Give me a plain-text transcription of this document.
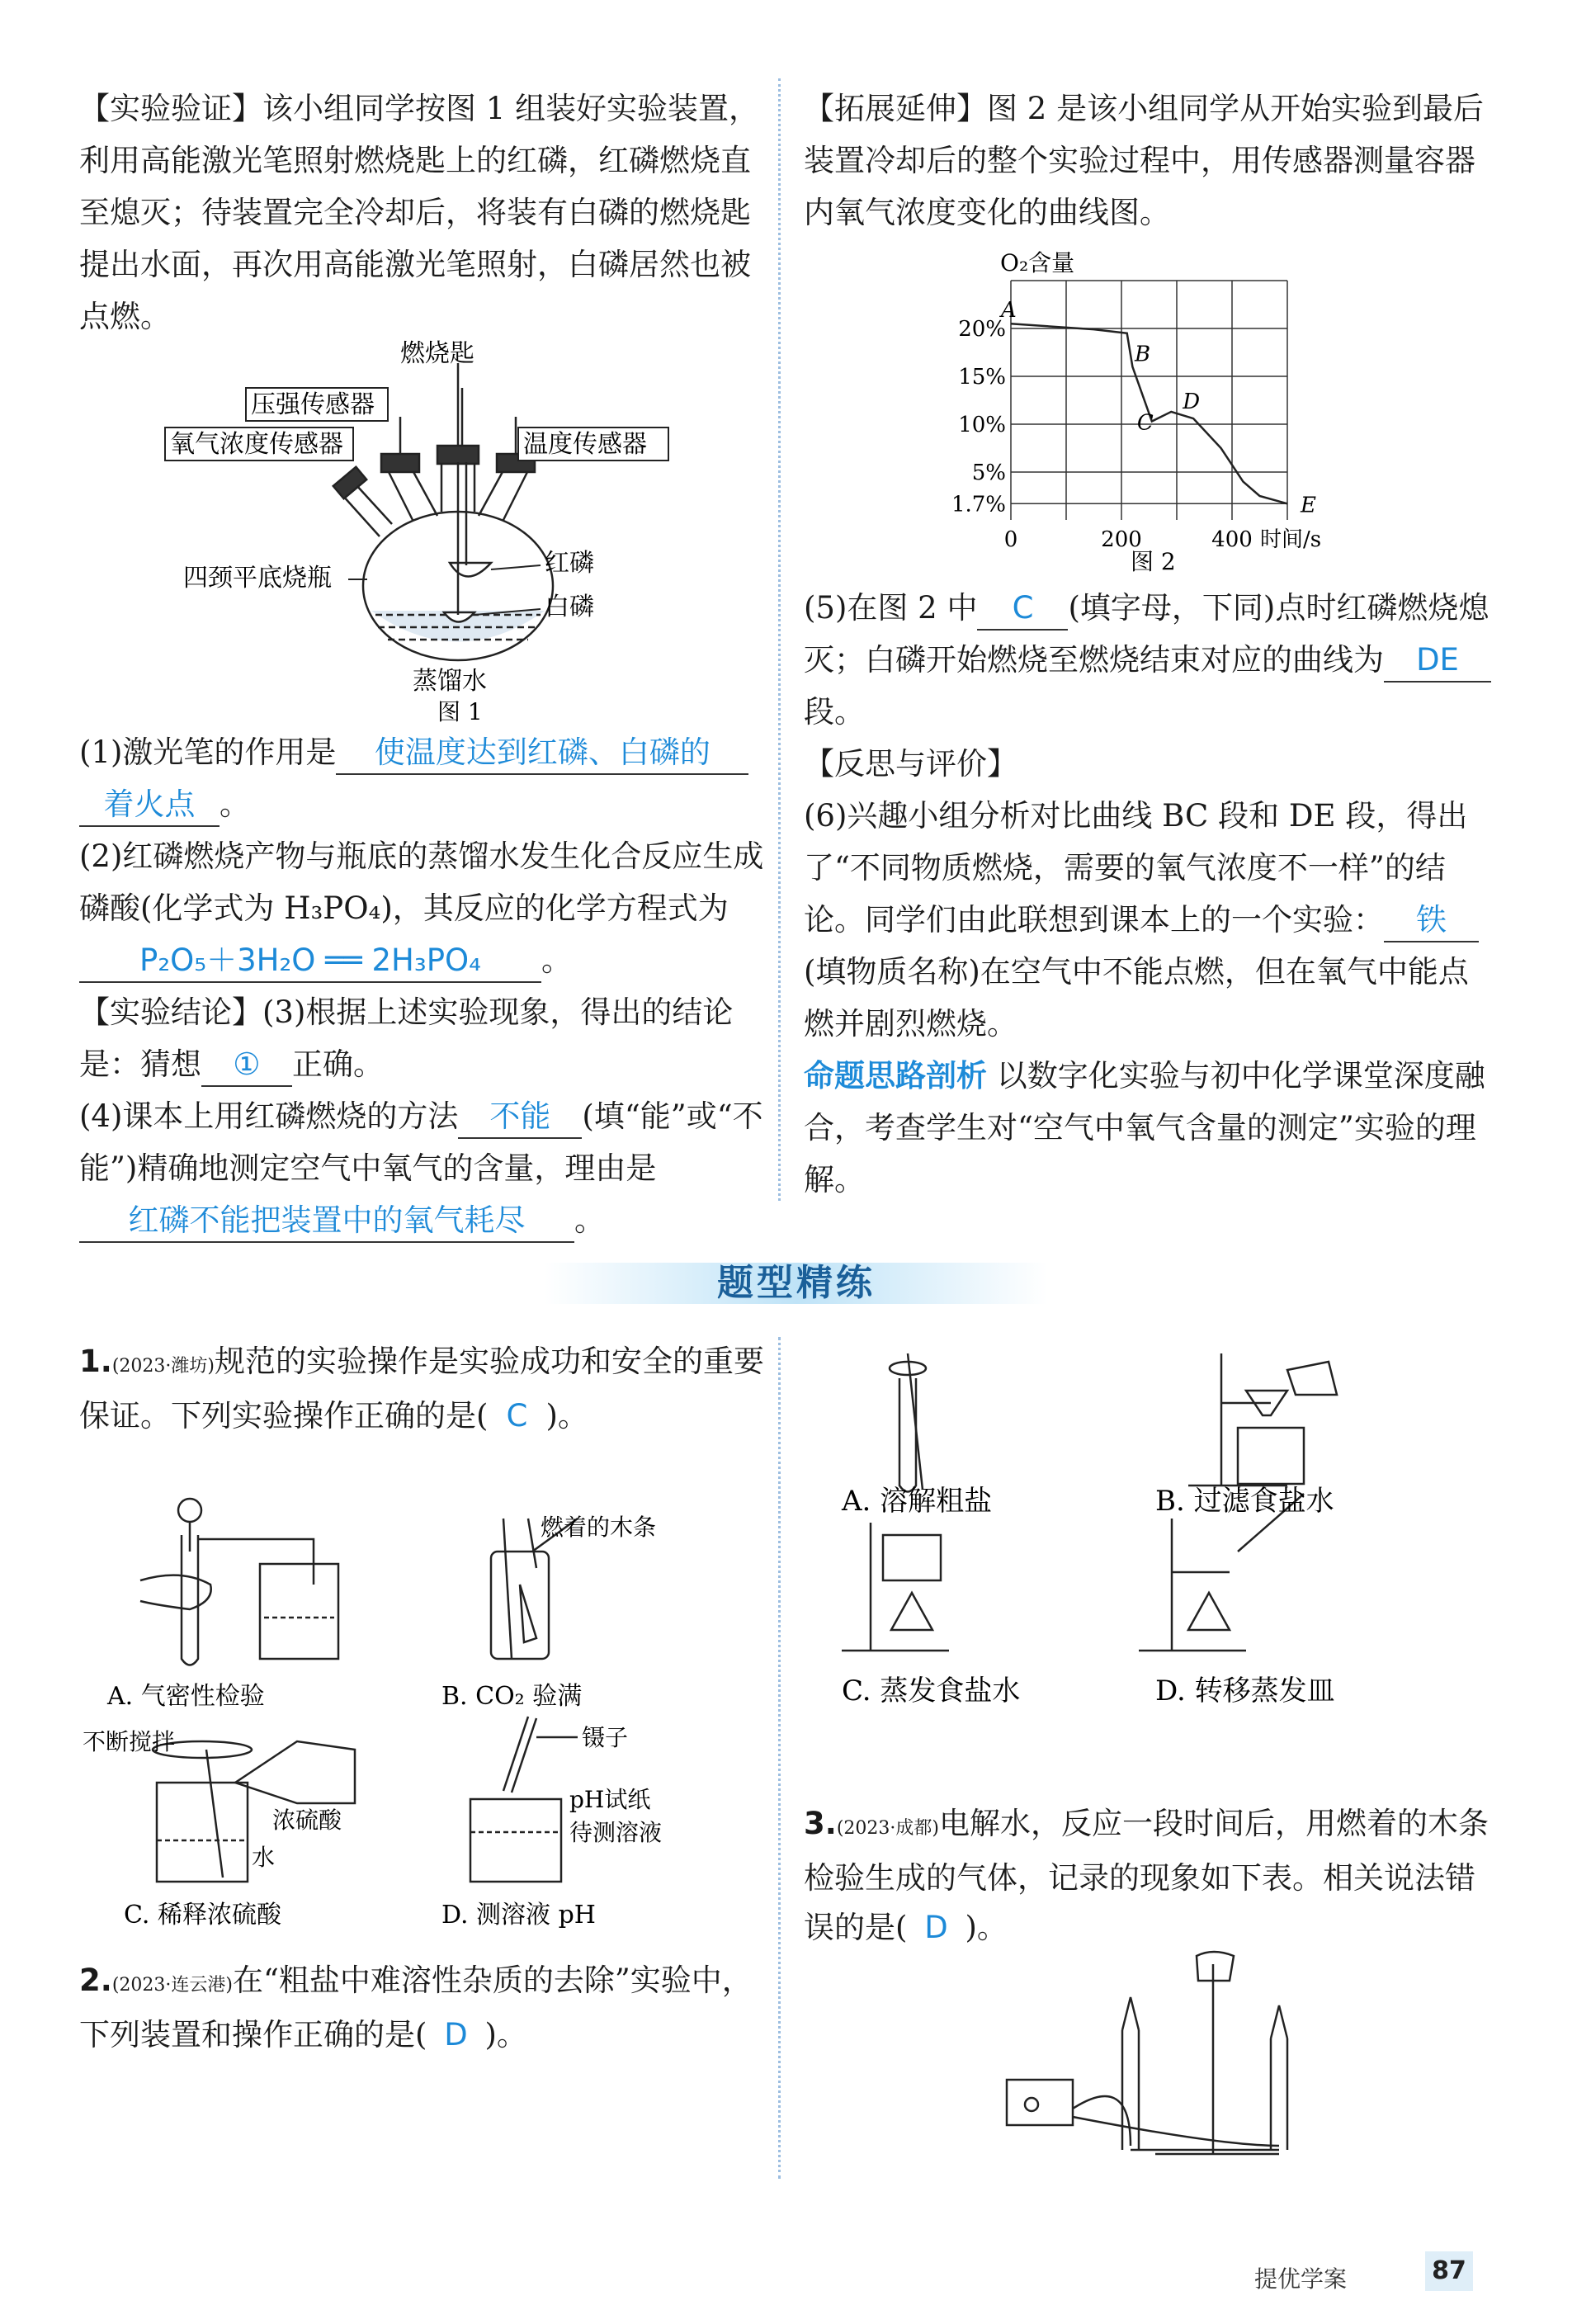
【实验验证】该小组同学按图 1 组装好实验装置，利用高能激光笔照射燃烧匙上的红磷，红磷燃烧直至熄灭；待装置完全冷却后，将装有白磷的燃烧匙提出水面，再次用高能激光笔照射，白磷居然也被点燃。

燃烧匙
压强传感器
氧气浓度传感器	温度传感器
四颈平底烧瓶
红磷
白磷
蒸馏水
图 1

(1)激光笔的作用是 使温度达到红磷、白磷的
着火点 。

(2)红磷燃烧产物与瓶底的蒸馏水发生化合反应生成磷酸(化学式为 H₃PO₄)，其反应的化学方程式为P₂O₅＋3H₂O ══ 2H₃PO₄ 。

【实验结论】(3)根据上述实验现象，得出的结论是：猜想 ① 正确。

(4)课本上用红磷燃烧的方法 不能 (填“能”或“不能”)精确地测定空气中氧气的含量，理由是红磷不能把装置中的氧气耗尽 。

【拓展延伸】图 2 是该小组同学从开始实验到最后装置冷却后的整个实验过程中，用传感器测量容器内氧气浓度变化的曲线图。

20%
15%
10%
5%
1.7%
0	200	400 时间/s
A
B
C
D
E
O₂含量
图 2

(5)在图 2 中 C (填字母，下同)点时红磷燃烧熄灭；白磷开始燃烧至燃烧结束对应的曲线为 DE段。

【反思与评价】

(6)兴趣小组分析对比曲线 BC 段和 DE 段，得出了“不同物质燃烧，需要的氧气浓度不一样”的结论。同学们由此联想到课本上的一个实验： 铁(填物质名称)在空气中不能点燃，但在氧气中能点燃并剧烈燃烧。

命题思路剖析 以数字化实验与初中化学课堂深度融合，考查学生对“空气中氧气含量的测定”实验的理解。

题型精练
1.(2023·潍坊)规范的实验操作是实验成功和安全的重要保证。下列实验操作正确的是( C )。
燃着的木条
A. 气密性检验	B. CO₂ 验满
不断搅拌
浓硫酸
水
镊子
pH试纸
待测溶液
C. 稀释浓硫酸	D. 测溶液 pH
2.(2023·连云港)在“粗盐中难溶性杂质的去除”实验中，下列装置和操作正确的是( D )。
A. 溶解粗盐	B. 过滤食盐水
C. 蒸发食盐水	D. 转移蒸发皿
3.(2023·成都)电解水，反应一段时间后，用燃着的木条检验生成的气体，记录的现象如下表。相关说法错误的是( D )。
提优学案	87
